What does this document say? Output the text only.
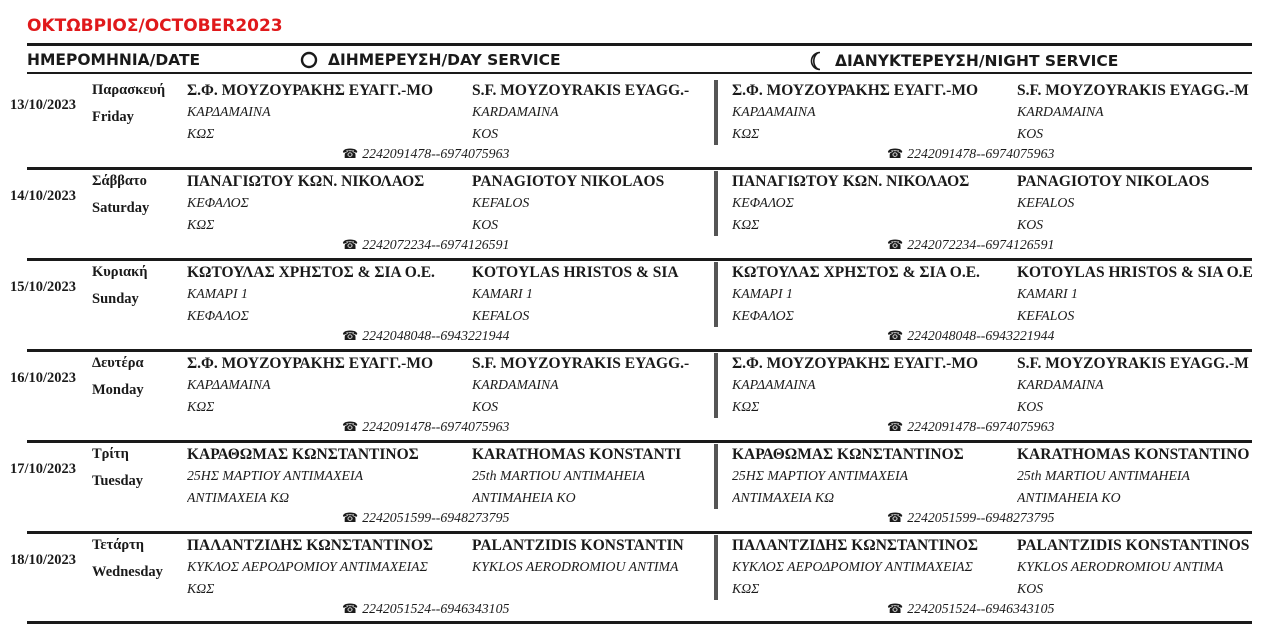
ΟΚΤΩΒΡΙΟΣ/OCTOBER2023
ΗΜΕΡΟΜΗΝΙΑ/DATE	ΔΙΗΜΕΡΕΥΣΗ/DAY SERVICE	ΔΙΑΝΥΚΤΕΡΕΥΣΗ/NIGHT SERVICE
13/10/2023
Παρασκευή
Friday
Σ.Φ. ΜΟΥΖΟΥΡΑΚΗΣ ΕΥΑΓΓ.-ΜΟ
ΚΑΡΔΑΜΑΙΝΑ
ΚΩΣ
S.F. MOYZOYRAKIS EYAGG.-
KARDAMAINA
KOS
☎ 2242091478--6974075963
Σ.Φ. ΜΟΥΖΟΥΡΑΚΗΣ ΕΥΑΓΓ.-ΜΟ
ΚΑΡΔΑΜΑΙΝΑ
ΚΩΣ
S.F. MOYZOYRAKIS EYAGG.-M
KARDAMAINA
KOS
☎ 2242091478--6974075963
14/10/2023
Σάββατο
Saturday
ΠΑΝΑΓΙΩΤΟΥ ΚΩΝ. ΝΙΚΟΛΑΟΣ
ΚΕΦΑΛΟΣ
ΚΩΣ
PANAGIOTOY NIKOLAOS
KEFALOS
KOS
☎ 2242072234--6974126591
ΠΑΝΑΓΙΩΤΟΥ ΚΩΝ. ΝΙΚΟΛΑΟΣ
ΚΕΦΑΛΟΣ
ΚΩΣ
PANAGIOTOY NIKOLAOS
KEFALOS
KOS
☎ 2242072234--6974126591
15/10/2023
Κυριακή
Sunday
ΚΩΤΟΥΛΑΣ ΧΡΗΣΤΟΣ & ΣΙΑ Ο.Ε.
ΚΑΜΑΡΙ 1
ΚΕΦΑΛΟΣ
KOTOYLAS HRISTOS & SIA
KAMARI 1
KEFALOS
☎ 2242048048--6943221944
ΚΩΤΟΥΛΑΣ ΧΡΗΣΤΟΣ & ΣΙΑ Ο.Ε.
ΚΑΜΑΡΙ 1
ΚΕΦΑΛΟΣ
KOTOYLAS HRISTOS & SIA O.E
KAMARI 1
KEFALOS
☎ 2242048048--6943221944
16/10/2023
Δευτέρα
Monday
Σ.Φ. ΜΟΥΖΟΥΡΑΚΗΣ ΕΥΑΓΓ.-ΜΟ
ΚΑΡΔΑΜΑΙΝΑ
ΚΩΣ
S.F. MOYZOYRAKIS EYAGG.-
KARDAMAINA
KOS
☎ 2242091478--6974075963
Σ.Φ. ΜΟΥΖΟΥΡΑΚΗΣ ΕΥΑΓΓ.-ΜΟ
ΚΑΡΔΑΜΑΙΝΑ
ΚΩΣ
S.F. MOYZOYRAKIS EYAGG.-M
KARDAMAINA
KOS
☎ 2242091478--6974075963
17/10/2023
Τρίτη
Tuesday
ΚΑΡΑΘΩΜΑΣ ΚΩΝΣΤΑΝΤΙΝΟΣ
25ΗΣ ΜΑΡΤΙΟΥ ΑΝΤΙΜΑΧΕΙΑ
ΑΝΤΙΜΑΧΕΙΑ ΚΩ
KARATHOMAS KONSTANTI
25th MARTIOU ANTIMAHEIA
ANTIMAHEIA KO
☎ 2242051599--6948273795
ΚΑΡΑΘΩΜΑΣ ΚΩΝΣΤΑΝΤΙΝΟΣ
25ΗΣ ΜΑΡΤΙΟΥ ΑΝΤΙΜΑΧΕΙΑ
ΑΝΤΙΜΑΧΕΙΑ ΚΩ
KARATHOMAS KONSTANTINO
25th MARTIOU ANTIMAHEIA
ANTIMAHEIA KO
☎ 2242051599--6948273795
18/10/2023
Τετάρτη
Wednesday
ΠΑΛΑΝΤΖΙΔΗΣ ΚΩΝΣΤΑΝΤΙΝΟΣ
ΚΥΚΛΟΣ ΑΕΡΟΔΡΟΜΙΟΥ ΑΝΤΙΜΑΧΕΙΑΣ
ΚΩΣ
PALANTZIDIS KONSTANTIN
KYKLOS AERODROMIOU ANTIMA
☎ 2242051524--6946343105
ΠΑΛΑΝΤΖΙΔΗΣ ΚΩΝΣΤΑΝΤΙΝΟΣ
ΚΥΚΛΟΣ ΑΕΡΟΔΡΟΜΙΟΥ ΑΝΤΙΜΑΧΕΙΑΣ
ΚΩΣ
PALANTZIDIS KONSTANTINOS
KYKLOS AERODROMIOU ANTIMA
KOS
☎ 2242051524--6946343105
